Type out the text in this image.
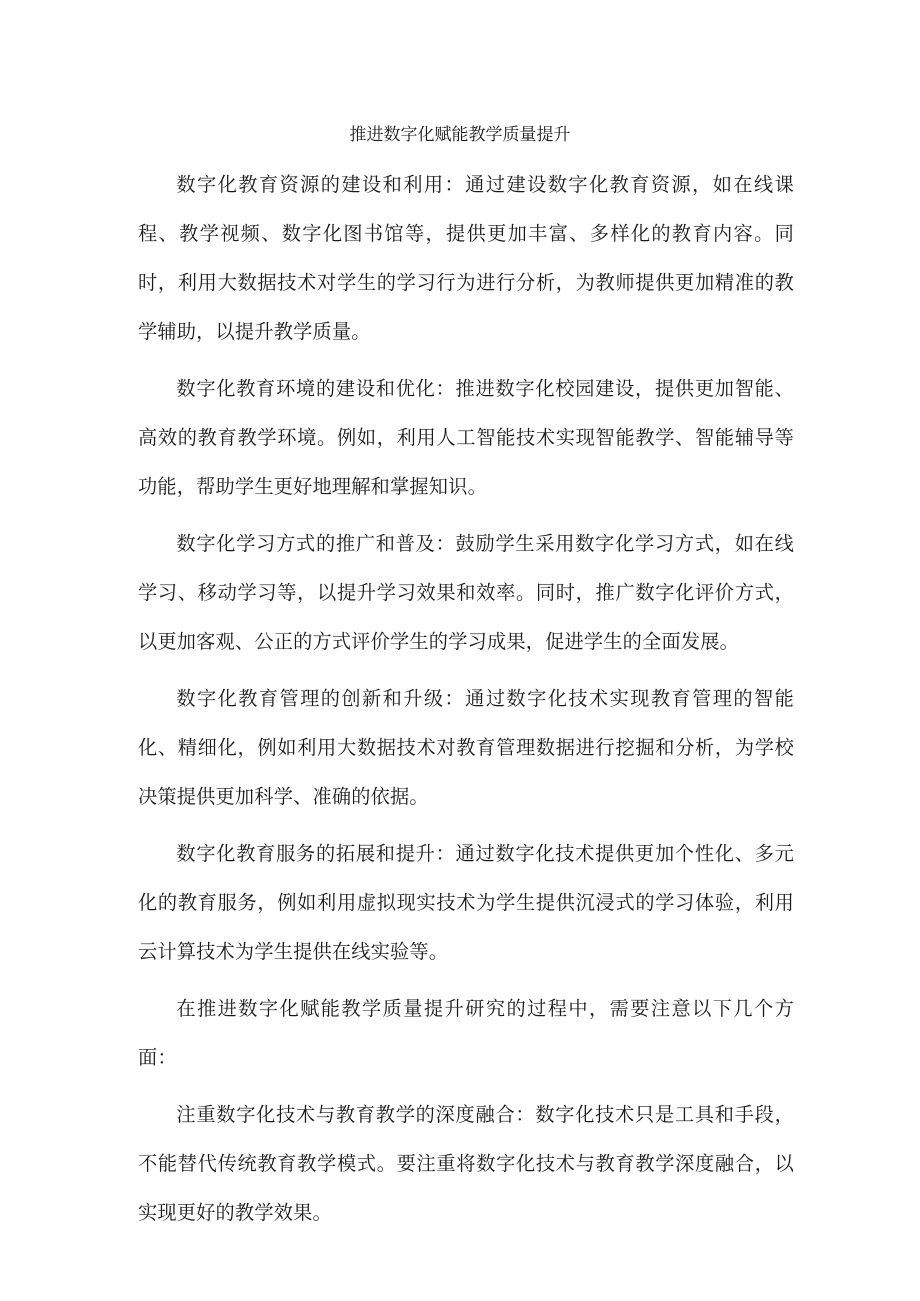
推进数字化赋能教学质量提升

数字化教育资源的建设和利用：通过建设数字化教育资源，如在线课程、教学视频、数字化图书馆等，提供更加丰富、多样化的教育内容。同时，利用大数据技术对学生的学习行为进行分析，为教师提供更加精准的教学辅助，以提升教学质量。

数字化教育环境的建设和优化：推进数字化校园建设，提供更加智能、高效的教育教学环境。例如，利用人工智能技术实现智能教学、智能辅导等功能，帮助学生更好地理解和掌握知识。

数字化学习方式的推广和普及：鼓励学生采用数字化学习方式，如在线学习、移动学习等，以提升学习效果和效率。同时，推广数字化评价方式，以更加客观、公正的方式评价学生的学习成果，促进学生的全面发展。

数字化教育管理的创新和升级：通过数字化技术实现教育管理的智能化、精细化，例如利用大数据技术对教育管理数据进行挖掘和分析，为学校决策提供更加科学、准确的依据。

数字化教育服务的拓展和提升：通过数字化技术提供更加个性化、多元化的教育服务，例如利用虚拟现实技术为学生提供沉浸式的学习体验，利用云计算技术为学生提供在线实验等。

在推进数字化赋能教学质量提升研究的过程中，需要注意以下几个方面：

注重数字化技术与教育教学的深度融合：数字化技术只是工具和手段，不能替代传统教育教学模式。要注重将数字化技术与教育教学深度融合，以实现更好的教学效果。
